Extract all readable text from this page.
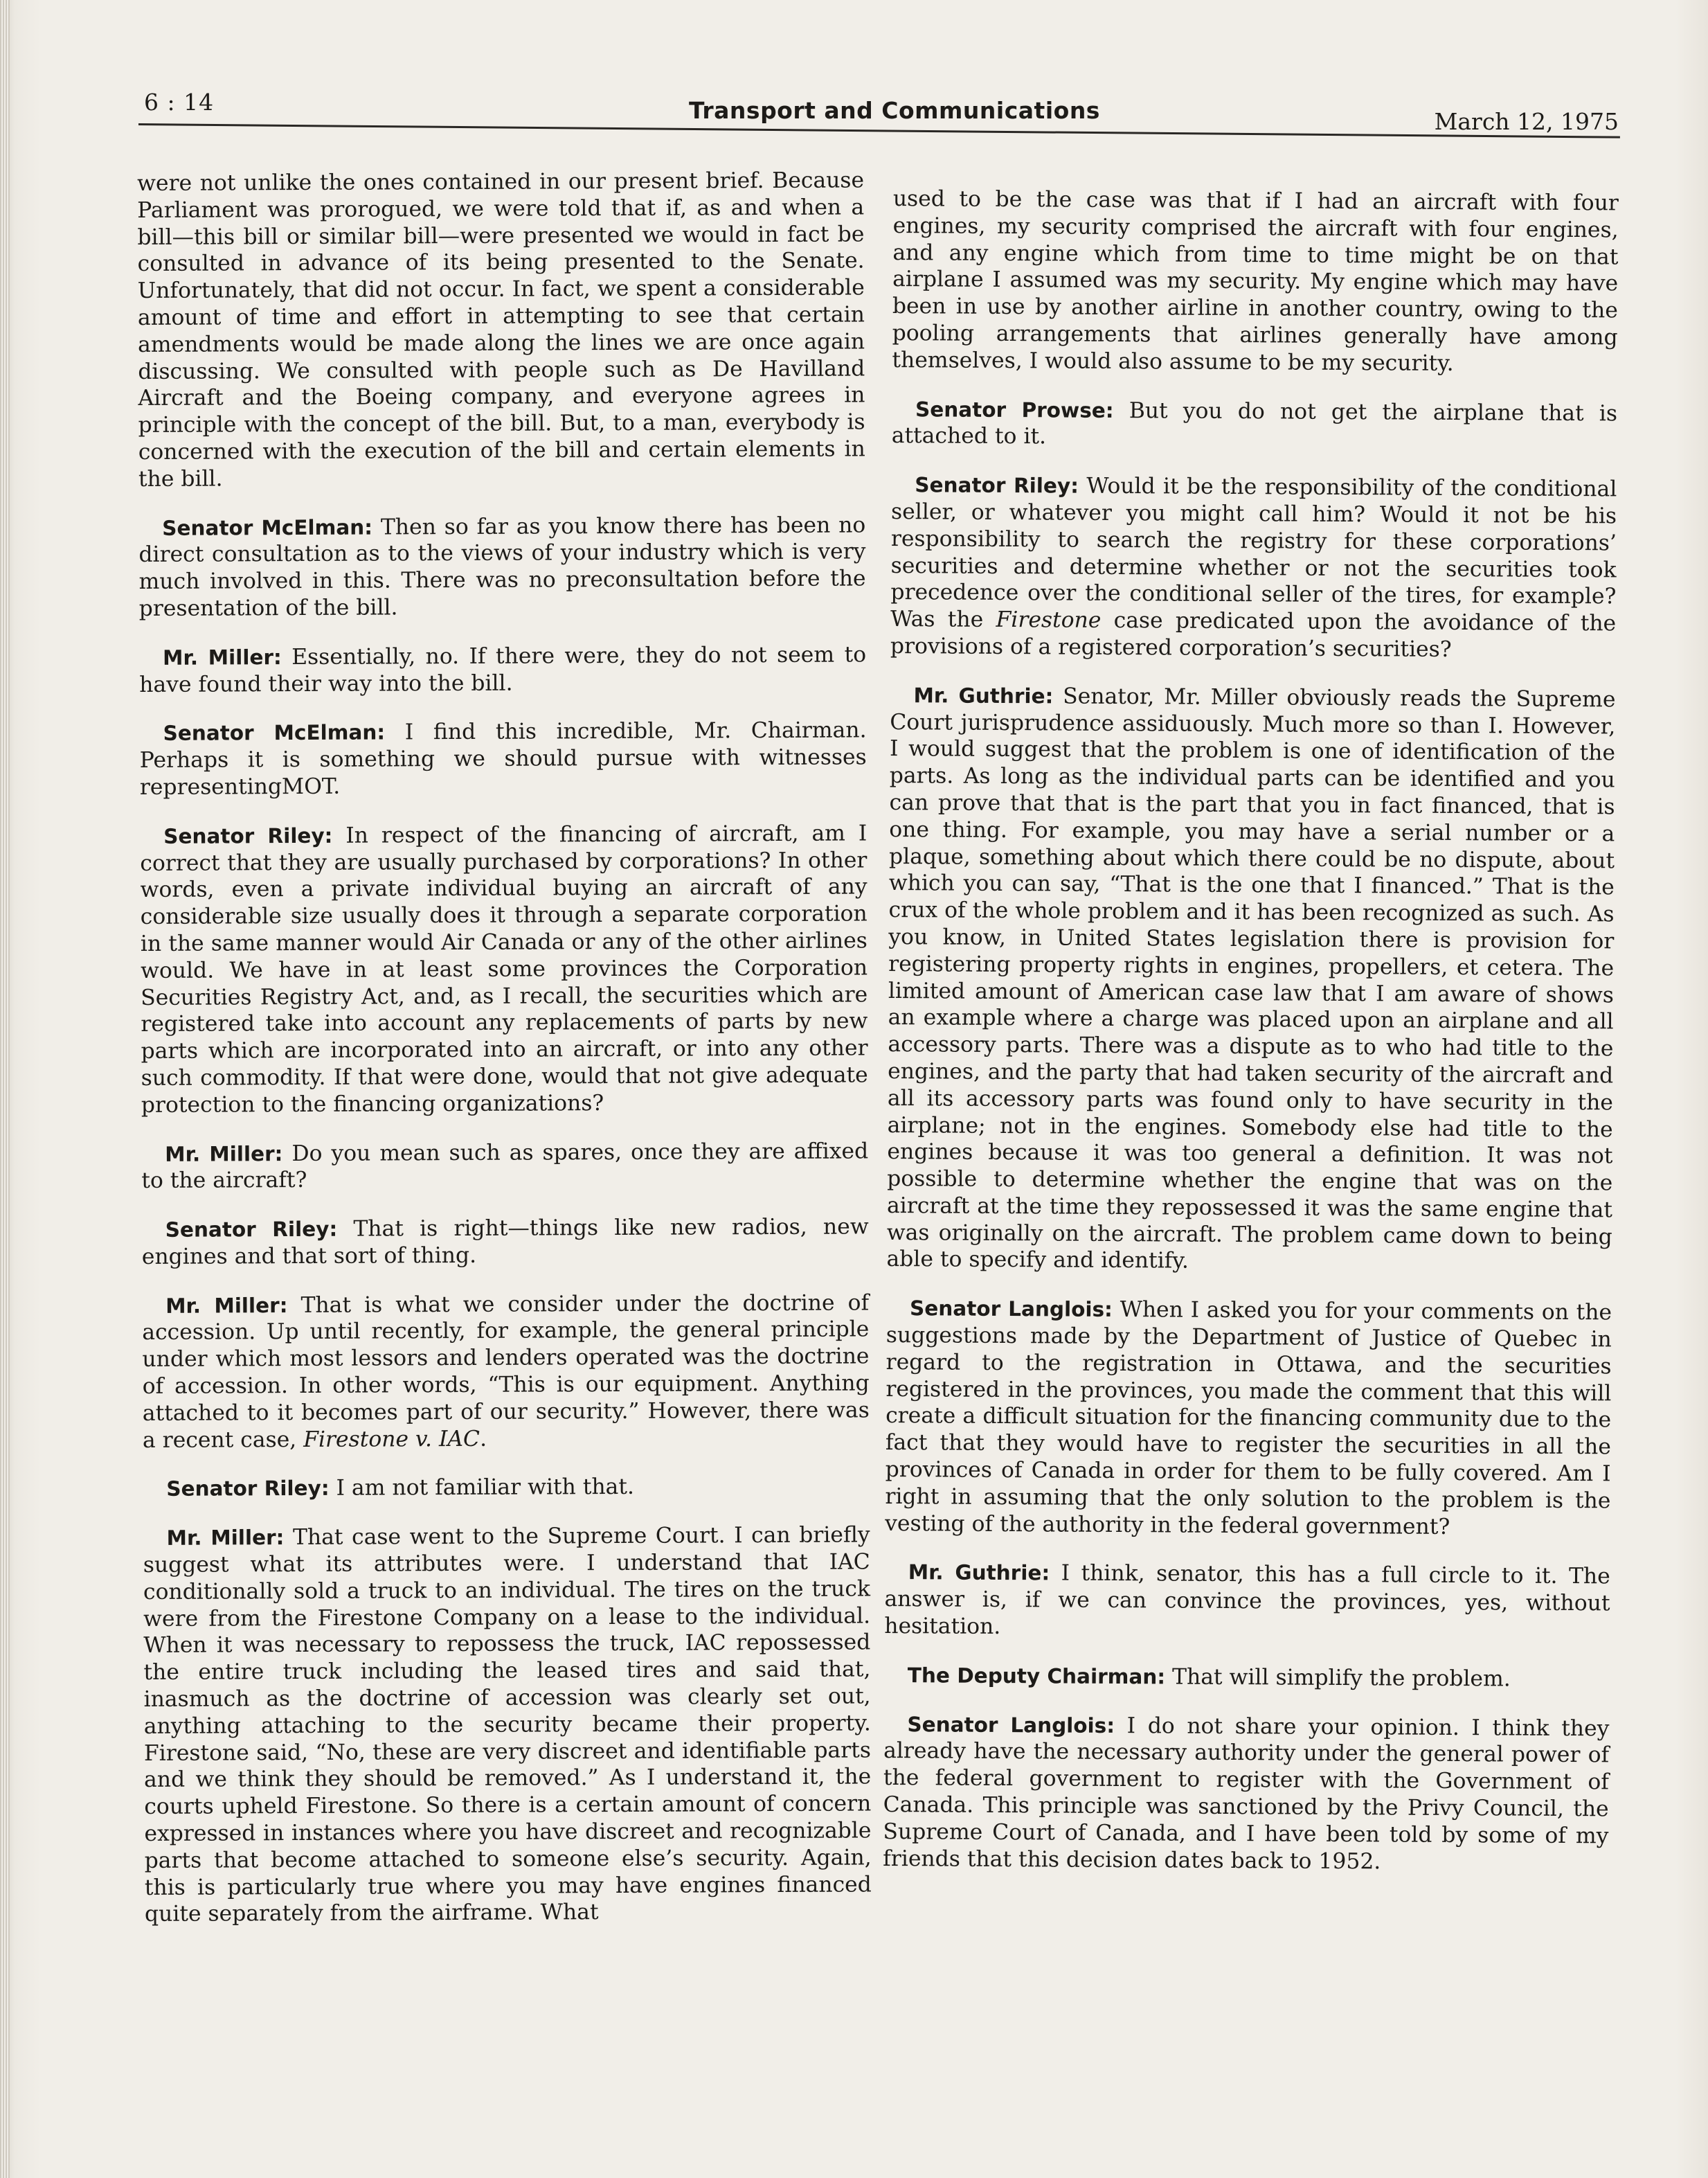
6 : 14	Transport and Communications	March 12, 1975

were not unlike the ones contained in our present brief. Because Parliament was prorogued, we were told that if, as and when a bill—this bill or similar bill—were presented we would in fact be consulted in advance of its being presented to the Senate. Unfortunately, that did not occur. In fact, we spent a considerable amount of time and effort in attempting to see that certain amendments would be made along the lines we are once again discussing. We consulted with people such as De Havilland Aircraft and the Boeing company, and everyone agrees in principle with the concept of the bill. But, to a man, everybody is concerned with the execution of the bill and certain elements in the bill.

Senator McElman: Then so far as you know there has been no direct consultation as to the views of your industry which is very much involved in this. There was no preconsultation before the presentation of the bill.

Mr. Miller: Essentially, no. If there were, they do not seem to have found their way into the bill.

Senator McElman: I find this incredible, Mr. Chairman. Perhaps it is something we should pursue with witnesses representingMOT.

Senator Riley: In respect of the financing of aircraft, am I correct that they are usually purchased by corporations? In other words, even a private individual buying an aircraft of any considerable size usually does it through a separate corporation in the same manner would Air Canada or any of the other airlines would. We have in at least some provinces the Corporation Securities Registry Act, and, as I recall, the securities which are registered take into account any replacements of parts by new parts which are incorporated into an aircraft, or into any other such commodity. If that were done, would that not give adequate protection to the financing organizations?

Mr. Miller: Do you mean such as spares, once they are affixed to the aircraft?

Senator Riley: That is right—things like new radios, new engines and that sort of thing.

Mr. Miller: That is what we consider under the doctrine of accession. Up until recently, for example, the general principle under which most lessors and lenders operated was the doctrine of accession. In other words, “This is our equipment. Anything attached to it becomes part of our security.” However, there was a recent case, Firestone v. IAC.

Senator Riley: I am not familiar with that.

Mr. Miller: That case went to the Supreme Court. I can briefly suggest what its attributes were. I understand that IAC conditionally sold a truck to an individual. The tires on the truck were from the Firestone Company on a lease to the individual. When it was necessary to repossess the truck, IAC repossessed the entire truck including the leased tires and said that, inasmuch as the doctrine of accession was clearly set out, anything attaching to the security became their property. Firestone said, “No, these are very discreet and identifiable parts and we think they should be removed.” As I understand it, the courts upheld Firestone. So there is a certain amount of concern expressed in instances where you have discreet and recognizable parts that become attached to someone else’s security. Again, this is particularly true where you may have engines financed quite separately from the airframe. What

used to be the case was that if I had an aircraft with four engines, my security comprised the aircraft with four engines, and any engine which from time to time might be on that airplane I assumed was my security. My engine which may have been in use by another airline in another country, owing to the pooling arrangements that airlines generally have among themselves, I would also assume to be my security.

Senator Prowse: But you do not get the airplane that is attached to it.

Senator Riley: Would it be the responsibility of the conditional seller, or whatever you might call him? Would it not be his responsibility to search the registry for these corporations’ securities and determine whether or not the securities took precedence over the conditional seller of the tires, for example? Was the Firestone case predicated upon the avoidance of the provisions of a registered corporation’s securities?

Mr. Guthrie: Senator, Mr. Miller obviously reads the Supreme Court jurisprudence assiduously. Much more so than I. However, I would suggest that the problem is one of identification of the parts. As long as the individual parts can be identified and you can prove that that is the part that you in fact financed, that is one thing. For example, you may have a serial number or a plaque, something about which there could be no dispute, about which you can say, “That is the one that I financed.” That is the crux of the whole problem and it has been recognized as such. As you know, in United States legislation there is provision for registering property rights in engines, propellers, et cetera. The limited amount of American case law that I am aware of shows an example where a charge was placed upon an airplane and all accessory parts. There was a dispute as to who had title to the engines, and the party that had taken security of the aircraft and all its accessory parts was found only to have security in the airplane; not in the engines. Somebody else had title to the engines because it was too general a definition. It was not possible to determine whether the engine that was on the aircraft at the time they repossessed it was the same engine that was originally on the aircraft. The problem came down to being able to specify and identify.

Senator Langlois: When I asked you for your comments on the suggestions made by the Department of Justice of Quebec in regard to the registration in Ottawa, and the securities registered in the provinces, you made the comment that this will create a difficult situation for the financing community due to the fact that they would have to register the securities in all the provinces of Canada in order for them to be fully covered. Am I right in assuming that the only solution to the problem is the vesting of the authority in the federal government?

Mr. Guthrie: I think, senator, this has a full circle to it. The answer is, if we can convince the provinces, yes, without hesitation.

The Deputy Chairman: That will simplify the problem.

Senator Langlois: I do not share your opinion. I think they already have the necessary authority under the general power of the federal government to register with the Government of Canada. This principle was sanctioned by the Privy Council, the Supreme Court of Canada, and I have been told by some of my friends that this decision dates back to 1952.
